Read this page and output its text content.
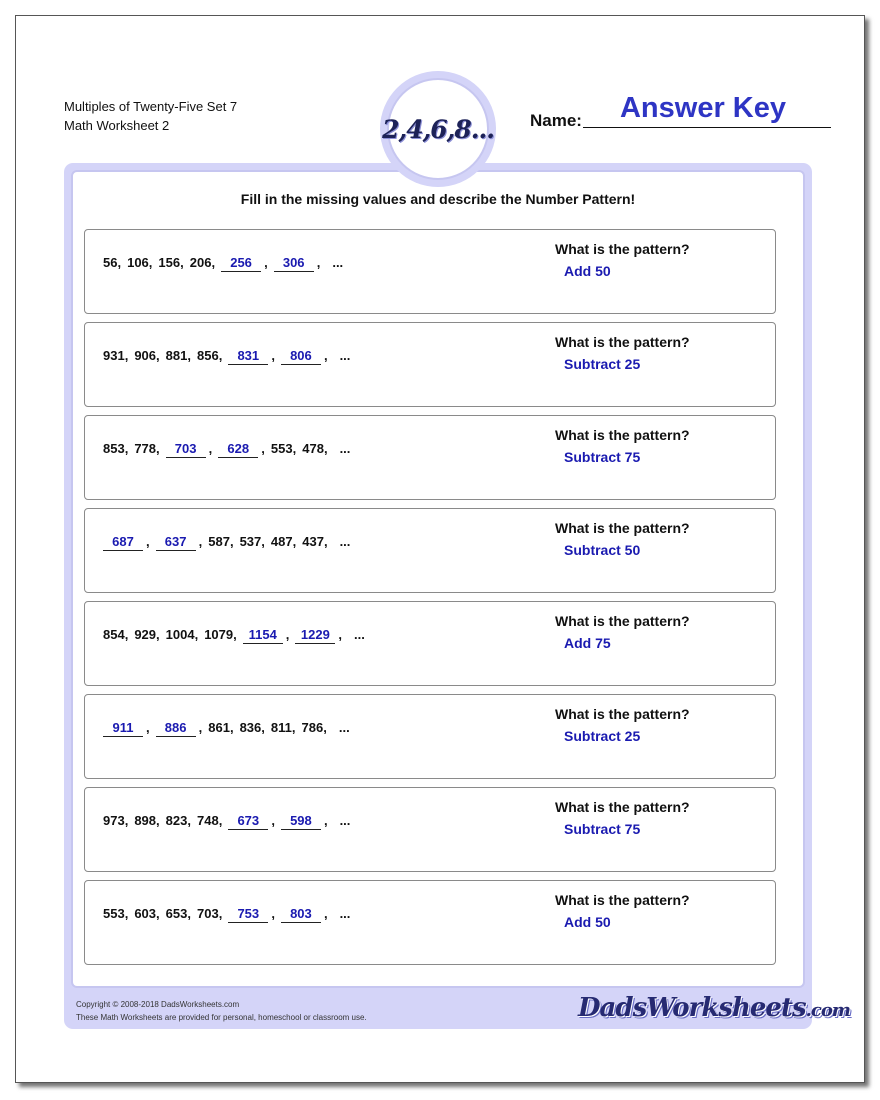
Multiples of Twenty-Five Set 7
Math Worksheet 2	Name:	Answer Key
2,4,6,8...
Fill in the missing values and describe the Number Pattern!
56, 106, 156, 206, 256 , 306 , ...
What is the pattern?
Add 50
931, 906, 881, 856, 831 , 806 , ...
What is the pattern?
Subtract 25
853, 778, 703 , 628 , 553, 478, ...
What is the pattern?
Subtract 75
687 , 637 , 587, 537, 487, 437, ...
What is the pattern?
Subtract 50
854, 929, 1004, 1079, 1154 , 1229 , ...
What is the pattern?
Add 75
911 , 886 , 861, 836, 811, 786, ...
What is the pattern?
Subtract 25
973, 898, 823, 748, 673 , 598 , ...
What is the pattern?
Subtract 75
553, 603, 653, 703, 753 , 803 , ...
What is the pattern?
Add 50
Copyright © 2008-2018 DadsWorksheets.com
These Math Worksheets are provided for personal, homeschool or classroom use.	DadsWorksheets.com
